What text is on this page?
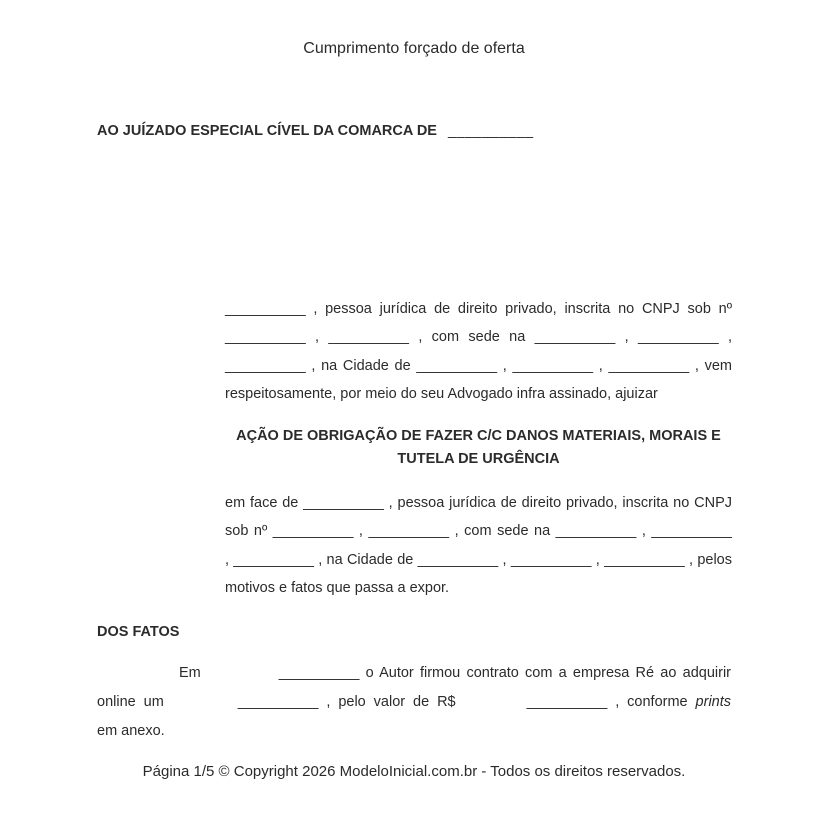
Cumprimento forçado de oferta
AO JUÍZADO ESPECIAL CÍVEL DA COMARCA DE __________
__________ , pessoa jurídica de direito privado, inscrita no CNPJ sob nº
__________ , __________ , com sede na __________ , __________ ,
__________ , na Cidade de __________ , __________ , __________ , vem
respeitosamente, por meio do seu Advogado infra assinado, ajuizar
AÇÃO DE OBRIGAÇÃO DE FAZER C/C DANOS MATERIAIS, MORAIS E
TUTELA DE URGÊNCIA
em face de __________ , pessoa jurídica de direito privado, inscrita no CNPJ
sob nº __________ , __________ , com sede na __________ , __________
, __________ , na Cidade de __________ , __________ , __________ , pelos
motivos e fatos que passa a expor.
DOS FATOS
Em	__________ o Autor firmou contrato com a empresa Ré ao adquirir
online um	__________ , pelo valor de R$	__________ , conforme prints
em anexo.
Página 1/5 © Copyright 2026 ModeloInicial.com.br - Todos os direitos reservados.
